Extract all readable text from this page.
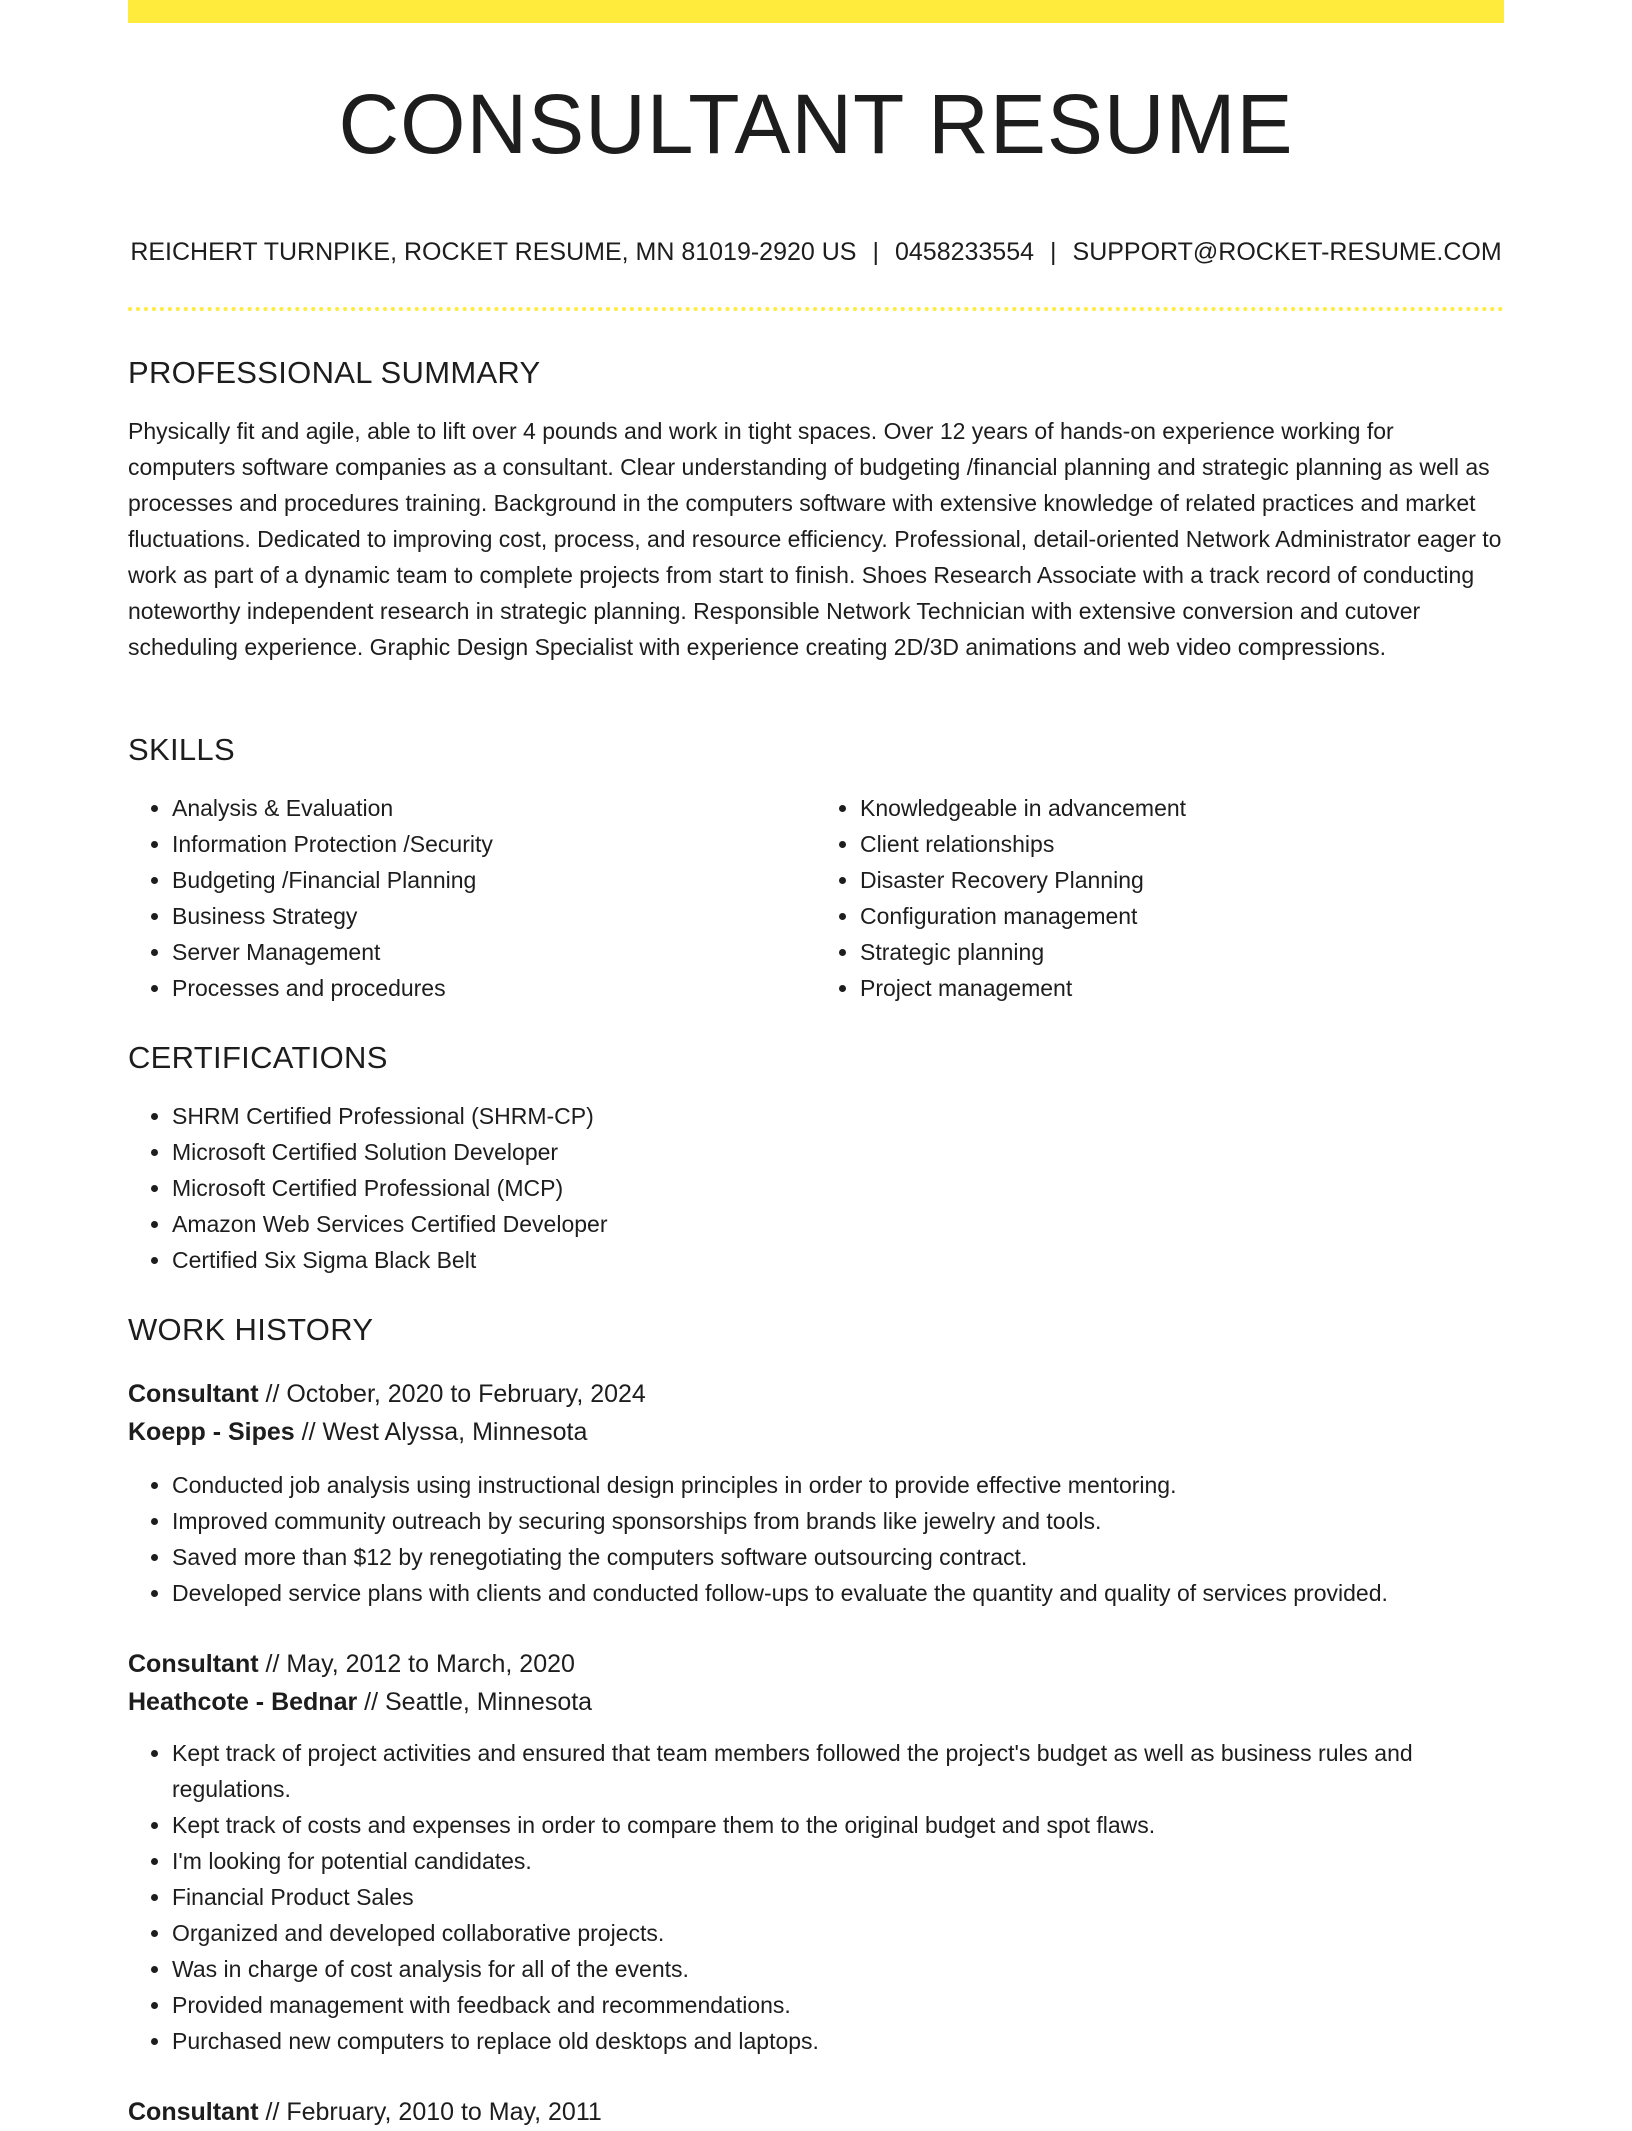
CONSULTANT RESUME
REICHERT TURNPIKE, ROCKET RESUME, MN 81019-2920 US | 0458233554 | SUPPORT@ROCKET-RESUME.COM
PROFESSIONAL SUMMARY

Physically fit and agile, able to lift over 4 pounds and work in tight spaces. Over 12 years of hands-on experience working for computers software companies as a consultant. Clear understanding of budgeting /financial planning and strategic planning as well as processes and procedures training. Background in the computers software with extensive knowledge of related practices and market fluctuations. Dedicated to improving cost, process, and resource efficiency. Professional, detail-oriented Network Administrator eager to work as part of a dynamic team to complete projects from start to finish. Shoes Research Associate with a track record of conducting noteworthy independent research in strategic planning. Responsible Network Technician with extensive conversion and cutover scheduling experience. Graphic Design Specialist with experience creating 2D/3D animations and web video compressions.

SKILLS
• Analysis & Evaluation
• Information Protection /Security
• Budgeting /Financial Planning
• Business Strategy
• Server Management
• Processes and procedures
• Knowledgeable in advancement
• Client relationships
• Disaster Recovery Planning
• Configuration management
• Strategic planning
• Project management
CERTIFICATIONS
• SHRM Certified Professional (SHRM-CP)
• Microsoft Certified Solution Developer
• Microsoft Certified Professional (MCP)
• Amazon Web Services Certified Developer
• Certified Six Sigma Black Belt
WORK HISTORY
Consultant // October, 2020 to February, 2024
Koepp - Sipes // West Alyssa, Minnesota
• Conducted job analysis using instructional design principles in order to provide effective mentoring.
• Improved community outreach by securing sponsorships from brands like jewelry and tools.
• Saved more than $12 by renegotiating the computers software outsourcing contract.
• Developed service plans with clients and conducted follow-ups to evaluate the quantity and quality of services provided.
Consultant // May, 2012 to March, 2020
Heathcote - Bednar // Seattle, Minnesota
• Kept track of project activities and ensured that team members followed the project's budget as well as business rules and regulations.
• Kept track of costs and expenses in order to compare them to the original budget and spot flaws.
• I'm looking for potential candidates.
• Financial Product Sales
• Organized and developed collaborative projects.
• Was in charge of cost analysis for all of the events.
• Provided management with feedback and recommendations.
• Purchased new computers to replace old desktops and laptops.
Consultant // February, 2010 to May, 2011
